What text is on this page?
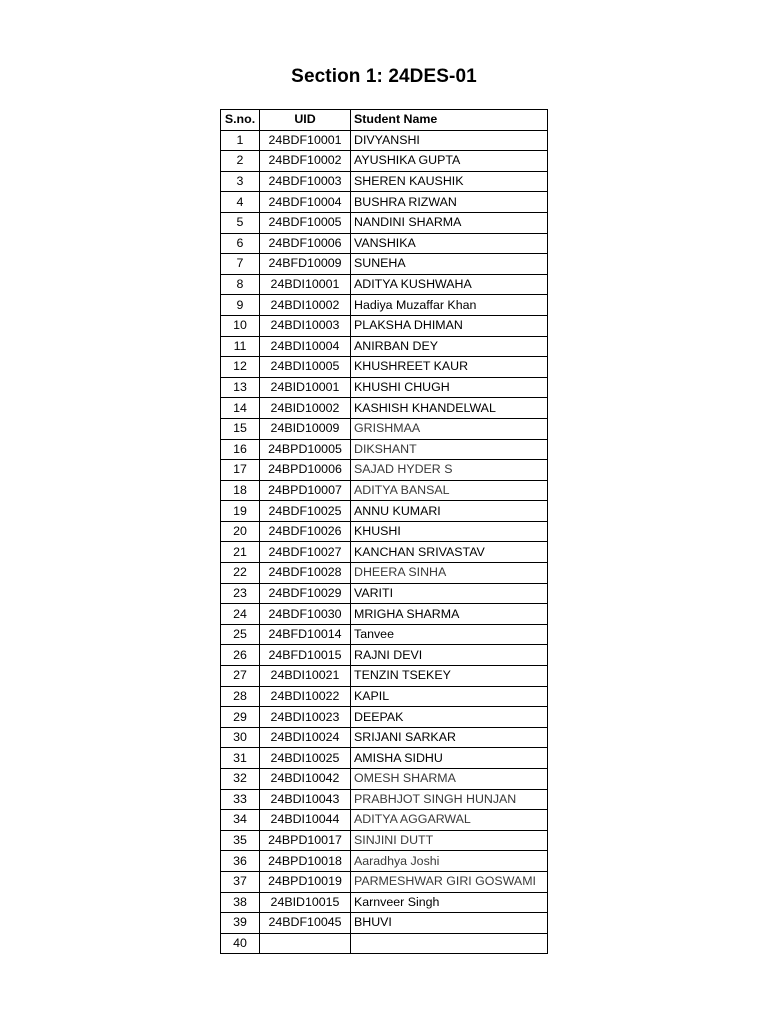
Section 1: 24DES-01
S.no.	UID	Student Name
1	24BDF10001	DIVYANSHI
2	24BDF10002	AYUSHIKA GUPTA
3	24BDF10003	SHEREN KAUSHIK
4	24BDF10004	BUSHRA RIZWAN
5	24BDF10005	NANDINI SHARMA
6	24BDF10006	VANSHIKA
7	24BFD10009	SUNEHA
8	24BDI10001	ADITYA KUSHWAHA
9	24BDI10002	Hadiya Muzaffar Khan
10	24BDI10003	PLAKSHA DHIMAN
11	24BDI10004	ANIRBAN DEY
12	24BDI10005	KHUSHREET KAUR
13	24BID10001	KHUSHI CHUGH
14	24BID10002	KASHISH KHANDELWAL
15	24BID10009	GRISHMAA
16	24BPD10005	DIKSHANT
17	24BPD10006	SAJAD HYDER S
18	24BPD10007	ADITYA BANSAL
19	24BDF10025	ANNU KUMARI
20	24BDF10026	KHUSHI
21	24BDF10027	KANCHAN SRIVASTAV
22	24BDF10028	DHEERA SINHA
23	24BDF10029	VARITI
24	24BDF10030	MRIGHA SHARMA
25	24BFD10014	Tanvee
26	24BFD10015	RAJNI DEVI
27	24BDI10021	TENZIN TSEKEY
28	24BDI10022	KAPIL
29	24BDI10023	DEEPAK
30	24BDI10024	SRIJANI SARKAR
31	24BDI10025	AMISHA SIDHU
32	24BDI10042	OMESH SHARMA
33	24BDI10043	PRABHJOT SINGH HUNJAN
34	24BDI10044	ADITYA AGGARWAL
35	24BPD10017	SINJINI DUTT
36	24BPD10018	Aaradhya Joshi
37	24BPD10019	PARMESHWAR GIRI GOSWAMI
38	24BID10015	Karnveer Singh
39	24BDF10045	BHUVI
40		
